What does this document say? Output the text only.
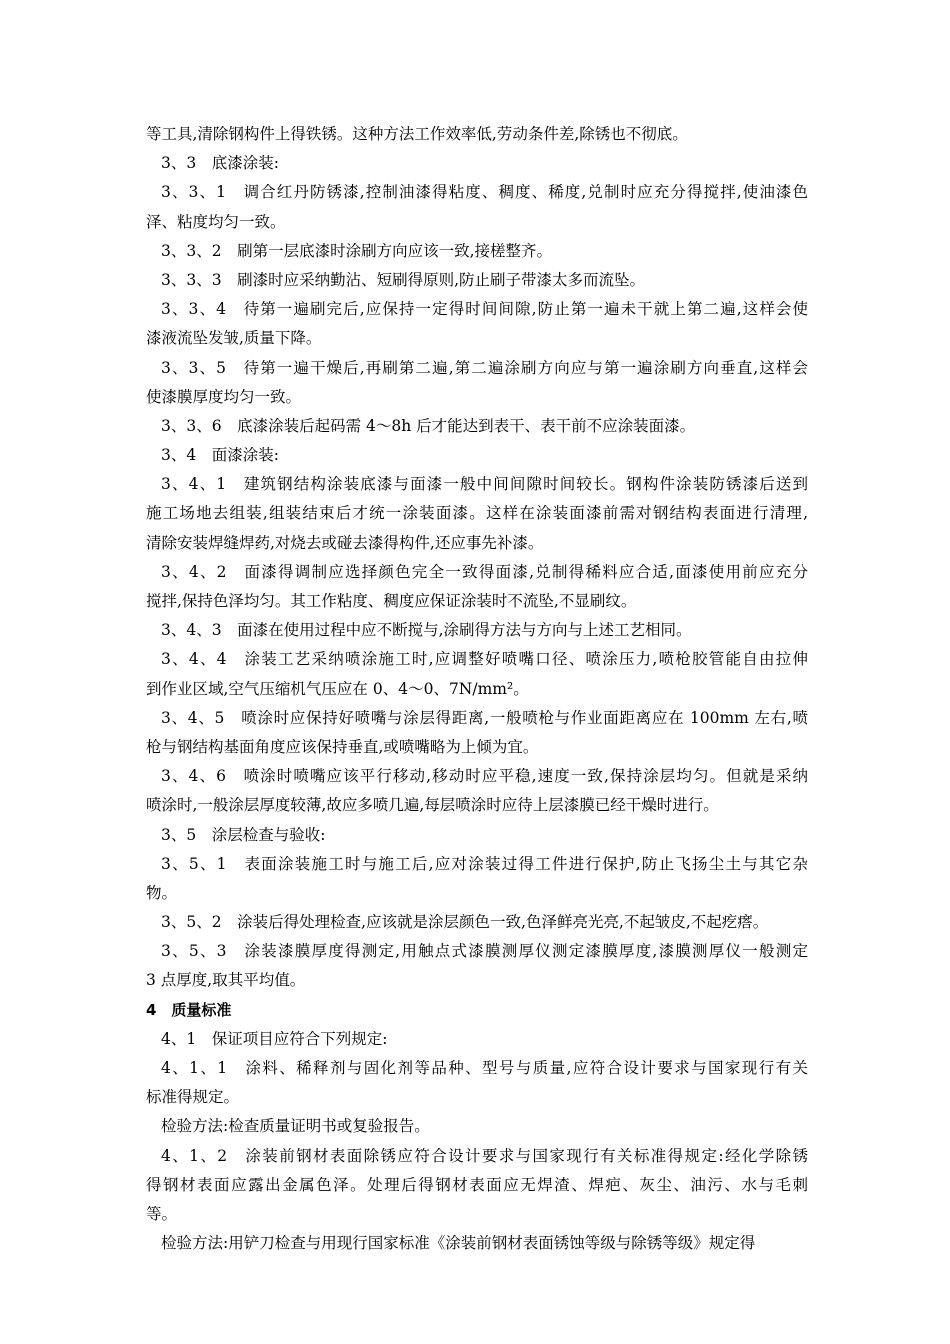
等工具,清除钢构件上得铁锈。这种方法工作效率低,劳动条件差,除锈也不彻底。
3、3　底漆涂装:
3、3、1　调合红丹防锈漆,控制油漆得粘度、稠度、稀度,兑制时应充分得搅拌,使油漆色
泽、粘度均匀一致。
3、3、2　刷第一层底漆时涂刷方向应该一致,接槎整齐。
3、3、3　刷漆时应采纳勤沾、短刷得原则,防止刷子带漆太多而流坠。
3、3、4　待第一遍刷完后,应保持一定得时间间隙,防止第一遍未干就上第二遍,这样会使
漆液流坠发皱,质量下降。
3、3、5　待第一遍干燥后,再刷第二遍,第二遍涂刷方向应与第一遍涂刷方向垂直,这样会
使漆膜厚度均匀一致。
3、3、6　底漆涂装后起码需 4～8h 后才能达到表干、表干前不应涂装面漆。
3、4　面漆涂装:
3、4、1　建筑钢结构涂装底漆与面漆一般中间间隙时间较长。钢构件涂装防锈漆后送到
施工场地去组装,组装结束后才统一涂装面漆。这样在涂装面漆前需对钢结构表面进行清理,
清除安装焊缝焊药,对烧去或碰去漆得构件,还应事先补漆。
3、4、2　面漆得调制应选择颜色完全一致得面漆,兑制得稀料应合适,面漆使用前应充分
搅拌,保持色泽均匀。其工作粘度、稠度应保证涂装时不流坠,不显刷纹。
3、4、3　面漆在使用过程中应不断搅与,涂刷得方法与方向与上述工艺相同。
3、4、4　涂装工艺采纳喷涂施工时,应调整好喷嘴口径、喷涂压力,喷枪胶管能自由拉伸
到作业区域,空气压缩机气压应在 0、4～0、7N/mm²。
3、4、5　喷涂时应保持好喷嘴与涂层得距离,一般喷枪与作业面距离应在 100mm 左右,喷
枪与钢结构基面角度应该保持垂直,或喷嘴略为上倾为宜。
3、4、6　喷涂时喷嘴应该平行移动,移动时应平稳,速度一致,保持涂层均匀。但就是采纳
喷涂时,一般涂层厚度较薄,故应多喷几遍,每层喷涂时应待上层漆膜已经干燥时进行。
3、5　涂层检查与验收:
3、5、1　表面涂装施工时与施工后,应对涂装过得工件进行保护,防止飞扬尘土与其它杂
物。
3、5、2　涂装后得处理检查,应该就是涂层颜色一致,色泽鲜亮光亮,不起皱皮,不起疙瘩。
3、5、3　涂装漆膜厚度得测定,用触点式漆膜测厚仪测定漆膜厚度,漆膜测厚仪一般测定
3 点厚度,取其平均值。
4　质量标准
4、1　保证项目应符合下列规定:
4、1、1　涂料、稀释剂与固化剂等品种、型号与质量,应符合设计要求与国家现行有关
标准得规定。
检验方法:检查质量证明书或复验报告。
4、1、2　涂装前钢材表面除锈应符合设计要求与国家现行有关标准得规定:经化学除锈
得钢材表面应露出金属色泽。处理后得钢材表面应无焊渣、焊疤、灰尘、油污、水与毛刺
等。
检验方法:用铲刀检查与用现行国家标准《涂装前钢材表面锈蚀等级与除锈等级》规定得
